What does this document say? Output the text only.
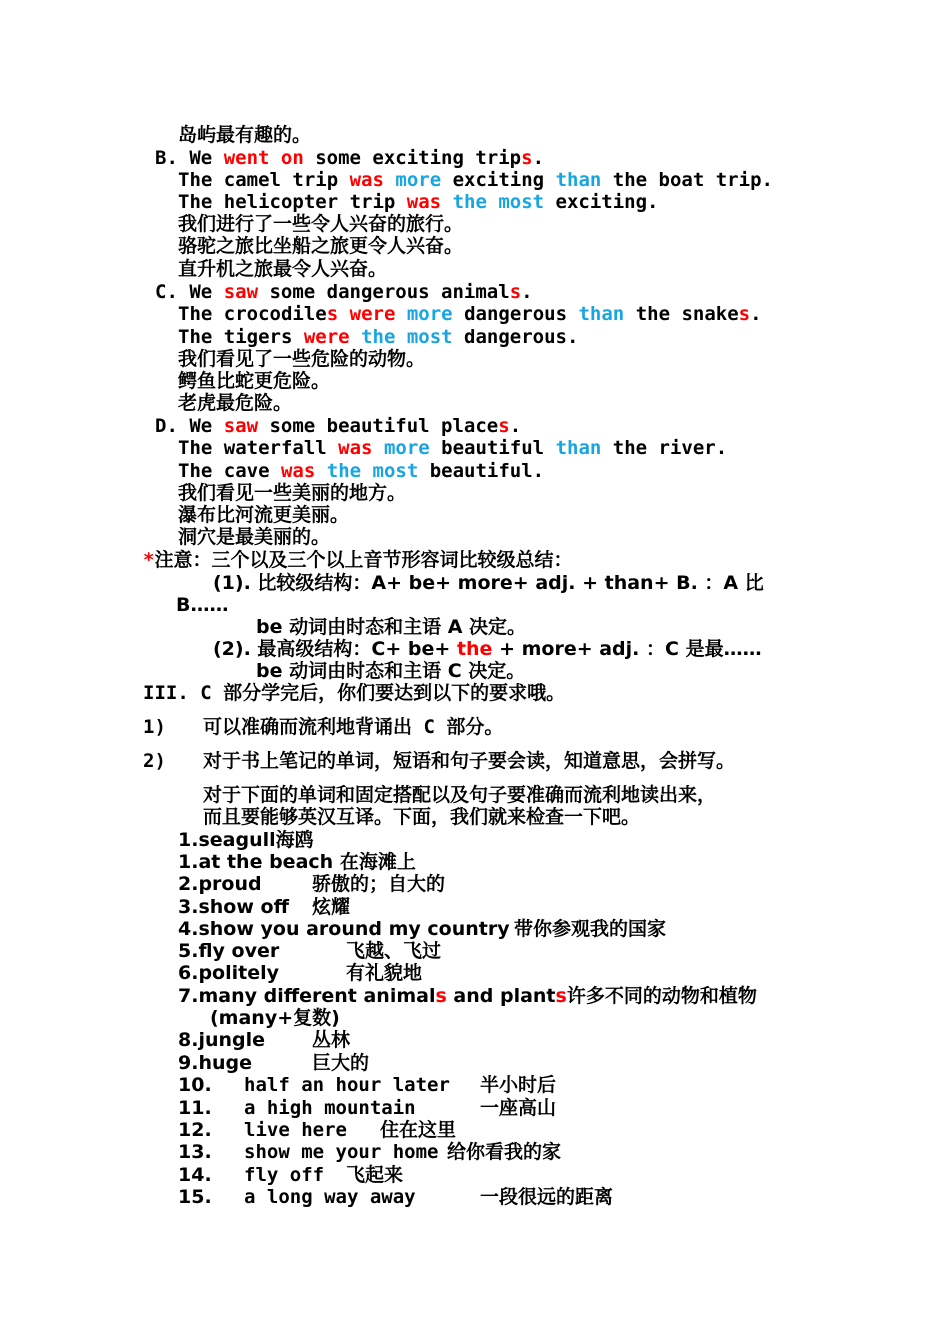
岛屿最有趣的。
B. We went on some exciting trips.
The camel trip was more exciting than the boat trip.
The helicopter trip was the most exciting.
我们进行了一些令人兴奋的旅行。
骆驼之旅比坐船之旅更令人兴奋。
直升机之旅最令人兴奋。
C. We saw some dangerous animals.
The crocodiles were more dangerous than the snakes.
The tigers were the most dangerous.
我们看见了一些危险的动物。
鳄鱼比蛇更危险。
老虎最危险。
D. We saw some beautiful places.
The waterfall was more beautiful than the river.
The cave was the most beautiful.
我们看见一些美丽的地方。
瀑布比河流更美丽。
洞穴是最美丽的。
*注意：三个以及三个以上音节形容词比较级总结：
(1). 比较级结构：A+ be+ more+ adj. + than+ B. ：A 比
B……
be 动词由时态和主语 A 决定。
(2). 最高级结构：C+ be+ the + more+ adj. ：C 是最……
be 动词由时态和主语 C 决定。
III. C 部分学完后，你们要达到以下的要求哦。
1) 可以准确而流利地背诵出 C 部分。
2) 对于书上笔记的单词，短语和句子要会读，知道意思，会拼写。
对于下面的单词和固定搭配以及句子要准确而流利地读出来，
而且要能够英汉互译。下面，我们就来检查一下吧。
1.seagull海鸥
1.at the beach 在海滩上
2.proud	骄傲的；自大的
3.show off 炫耀
4.show you around my country 带你参观我的国家
5.fly over	飞越、飞过
6.politely	有礼貌地
7.many different animals and plants许多不同的动物和植物
(many+复数)
8.jungle 丛林
9.huge	巨大的
10. half an hour later 半小时后
11. a high mountain	一座高山
12. live here 住在这里
13. show me your home 给你看我的家
14. fly off 飞起来
15. a long way away	一段很远的距离
